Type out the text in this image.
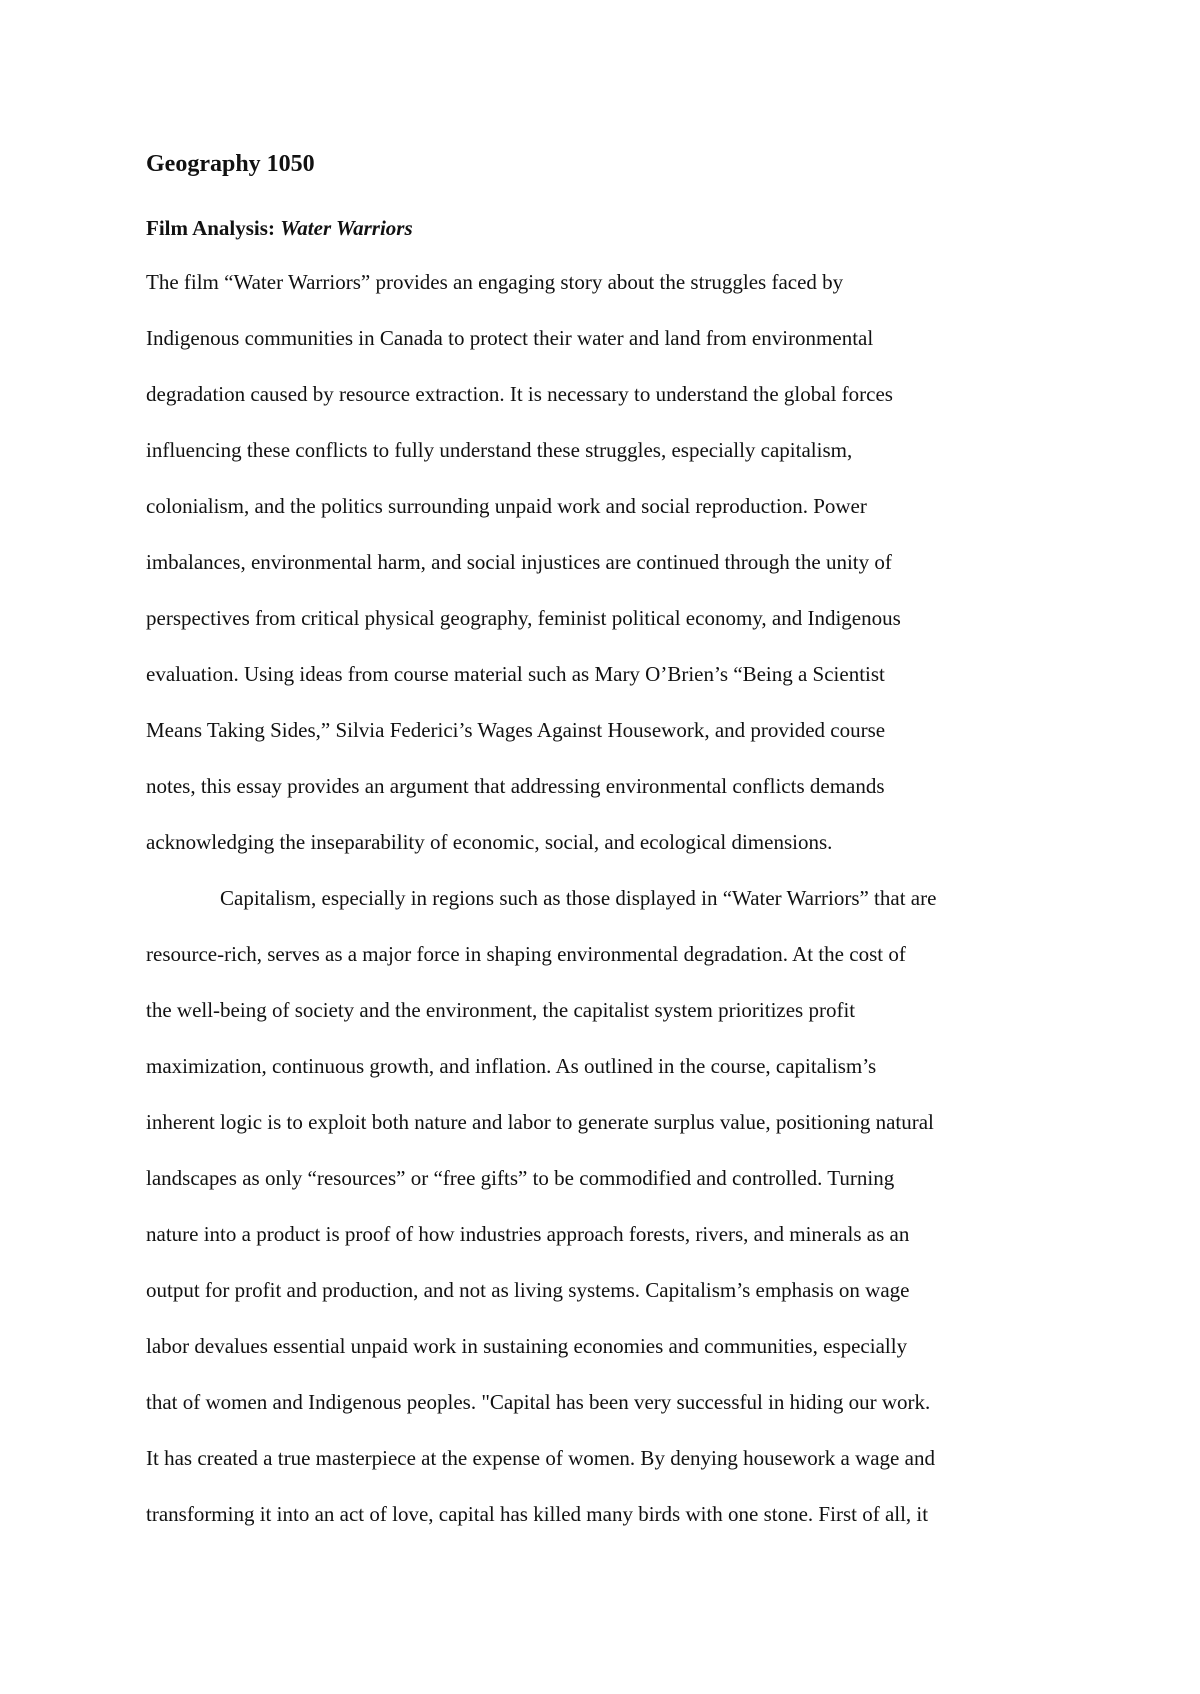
Geography 1050

Film Analysis: Water Warriors

The film “Water Warriors” provides an engaging story about the struggles faced by
Indigenous communities in Canada to protect their water and land from environmental
degradation caused by resource extraction. It is necessary to understand the global forces
influencing these conflicts to fully understand these struggles, especially capitalism,
colonialism, and the politics surrounding unpaid work and social reproduction. Power
imbalances, environmental harm, and social injustices are continued through the unity of
perspectives from critical physical geography, feminist political economy, and Indigenous
evaluation. Using ideas from course material such as Mary O’Brien’s “Being a Scientist
Means Taking Sides,” Silvia Federici’s Wages Against Housework, and provided course
notes, this essay provides an argument that addressing environmental conflicts demands
acknowledging the inseparability of economic, social, and ecological dimensions.
Capitalism, especially in regions such as those displayed in “Water Warriors” that are
resource-rich, serves as a major force in shaping environmental degradation. At the cost of
the well-being of society and the environment, the capitalist system prioritizes profit
maximization, continuous growth, and inflation. As outlined in the course, capitalism’s
inherent logic is to exploit both nature and labor to generate surplus value, positioning natural
landscapes as only “resources” or “free gifts” to be commodified and controlled. Turning
nature into a product is proof of how industries approach forests, rivers, and minerals as an
output for profit and production, and not as living systems. Capitalism’s emphasis on wage
labor devalues essential unpaid work in sustaining economies and communities, especially
that of women and Indigenous peoples. "Capital has been very successful in hiding our work.
It has created a true masterpiece at the expense of women. By denying housework a wage and
transforming it into an act of love, capital has killed many birds with one stone. First of all, it
